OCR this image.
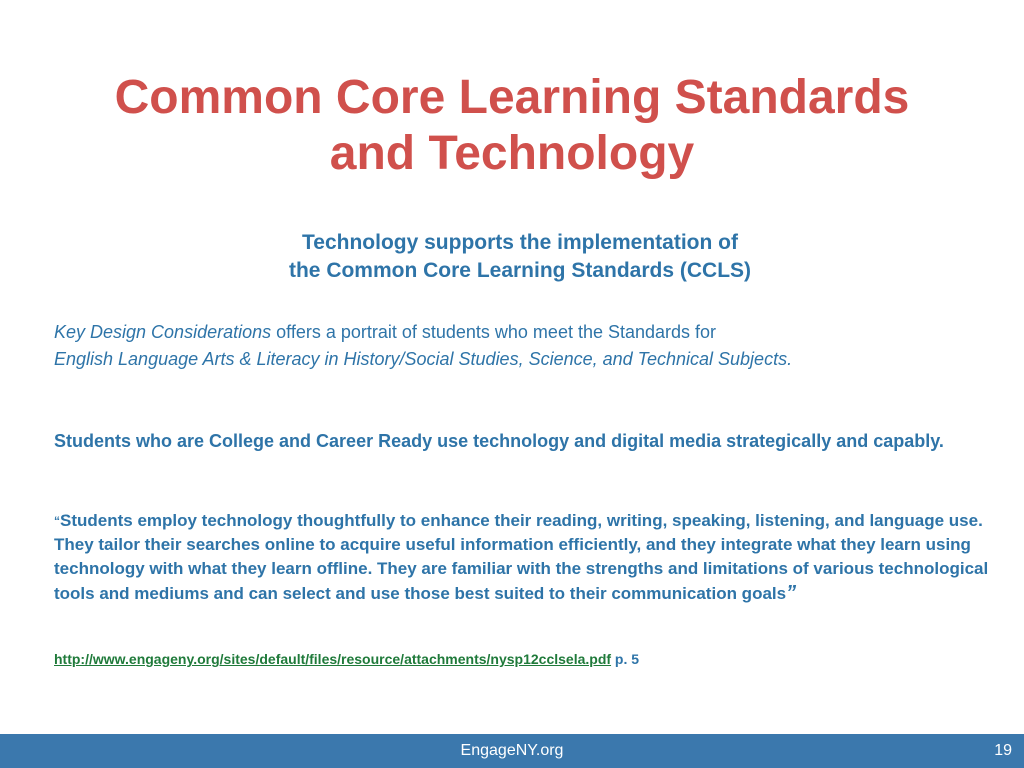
Common Core Learning Standards
and Technology
Technology supports the implementation of
the Common Core Learning Standards (CCLS)
Key Design Considerations offers a portrait of students who meet the Standards for
English Language Arts & Literacy in History/Social Studies, Science, and Technical Subjects.
Students who are College and Career Ready use technology and digital media strategically and capably.
“Students employ technology thoughtfully to enhance their reading, writing, speaking, listening, and language use. They tailor their searches online to acquire useful information efficiently, and they integrate what they learn using technology with what they learn offline. They are familiar with the strengths and limitations of various technological tools and mediums and can select and use those best suited to their communication goals”
http://www.engageny.org/sites/default/files/resource/attachments/nysp12cclsela.pdf p. 5
EngageNY.org	19
